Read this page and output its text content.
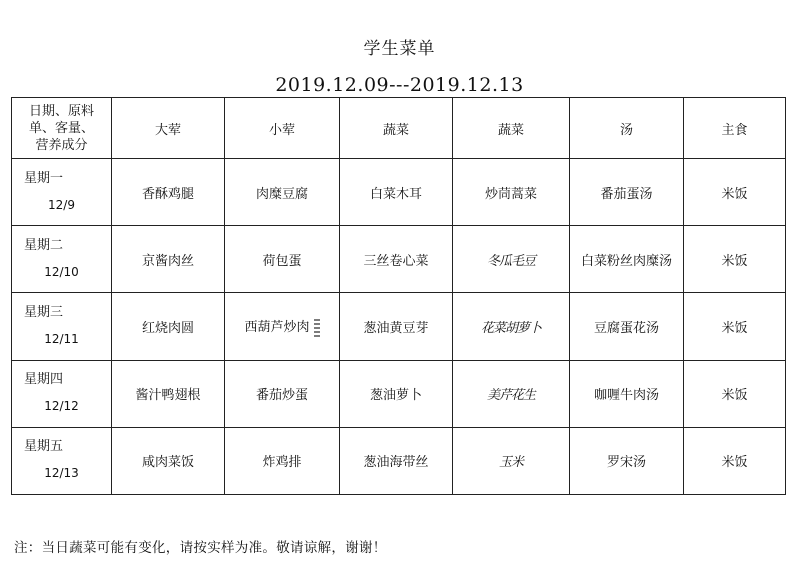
学生菜单
2019.12.09---2019.12.13
日期、原料
单、客量、
营养成分	大荤	小荤	蔬菜	蔬菜	汤	主食

星期一
12/9	香酥鸡腿	肉糜豆腐	白菜木耳	炒茼蒿菜	番茄蛋汤	米饭

星期二
12/10	京酱肉丝	荷包蛋	三丝卷心菜	冬瓜毛豆	白菜粉丝肉糜汤	米饭

星期三
12/11	红烧肉圆	西葫芦炒肉	葱油黄豆芽	花菜胡萝卜	豆腐蛋花汤	米饭

星期四
12/12	酱汁鸭翅根	番茄炒蛋	葱油萝卜	美芹花生	咖喱牛肉汤	米饭

星期五
12/13	咸肉菜饭	炸鸡排	葱油海带丝	玉米	罗宋汤	米饭
注：当日蔬菜可能有变化，请按实样为准。敬请谅解，谢谢！
